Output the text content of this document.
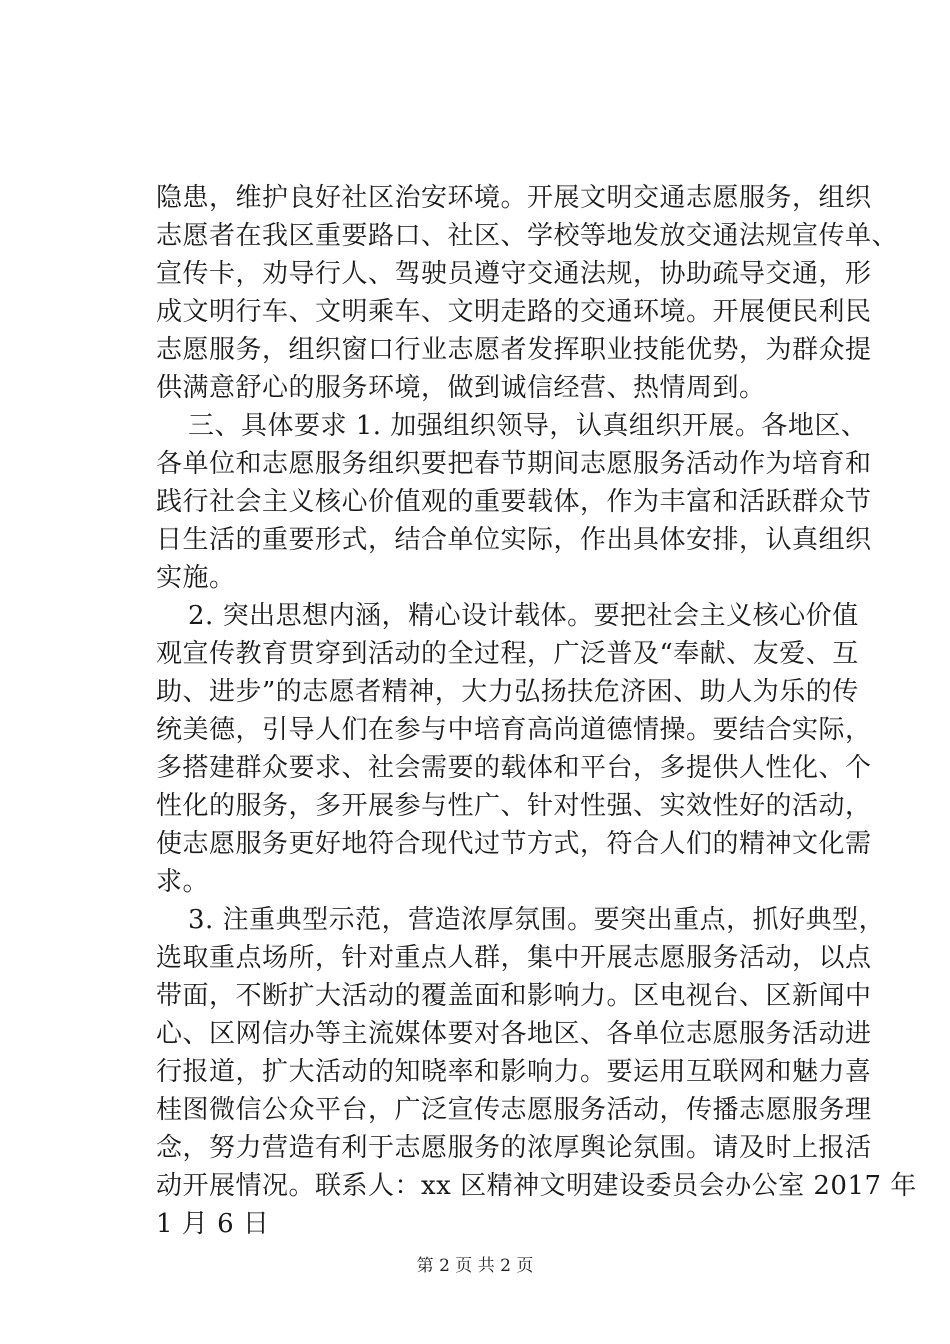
隐患，维护良好社区治安环境。开展文明交通志愿服务，组织

志愿者在我区重要路口、社区、学校等地发放交通法规宣传单、

宣传卡，劝导行人、驾驶员遵守交通法规，协助疏导交通，形

成文明行车、文明乘车、文明走路的交通环境。开展便民利民

志愿服务，组织窗口行业志愿者发挥职业技能优势，为群众提

供满意舒心的服务环境，做到诚信经营、热情周到。

三、具体要求 1. 加强组织领导，认真组织开展。各地区、

各单位和志愿服务组织要把春节期间志愿服务活动作为培育和

践行社会主义核心价值观的重要载体，作为丰富和活跃群众节

日生活的重要形式，结合单位实际，作出具体安排，认真组织

实施。

2. 突出思想内涵，精心设计载体。要把社会主义核心价值

观宣传教育贯穿到活动的全过程，广泛普及“奉献、友爱、互

助、进步”的志愿者精神，大力弘扬扶危济困、助人为乐的传

统美德，引导人们在参与中培育高尚道德情操。要结合实际，

多搭建群众要求、社会需要的载体和平台，多提供人性化、个

性化的服务，多开展参与性广、针对性强、实效性好的活动，

使志愿服务更好地符合现代过节方式，符合人们的精神文化需

求。

3. 注重典型示范，营造浓厚氛围。要突出重点，抓好典型，

选取重点场所，针对重点人群，集中开展志愿服务活动，以点

带面，不断扩大活动的覆盖面和影响力。区电视台、区新闻中

心、区网信办等主流媒体要对各地区、各单位志愿服务活动进

行报道，扩大活动的知晓率和影响力。要运用互联网和魅力喜

桂图微信公众平台，广泛宣传志愿服务活动，传播志愿服务理

念，努力营造有利于志愿服务的浓厚舆论氛围。请及时上报活

动开展情况。联系人：xx 区精神文明建设委员会办公室 2017 年

1 月 6 日

第 2 页 共 2 页
